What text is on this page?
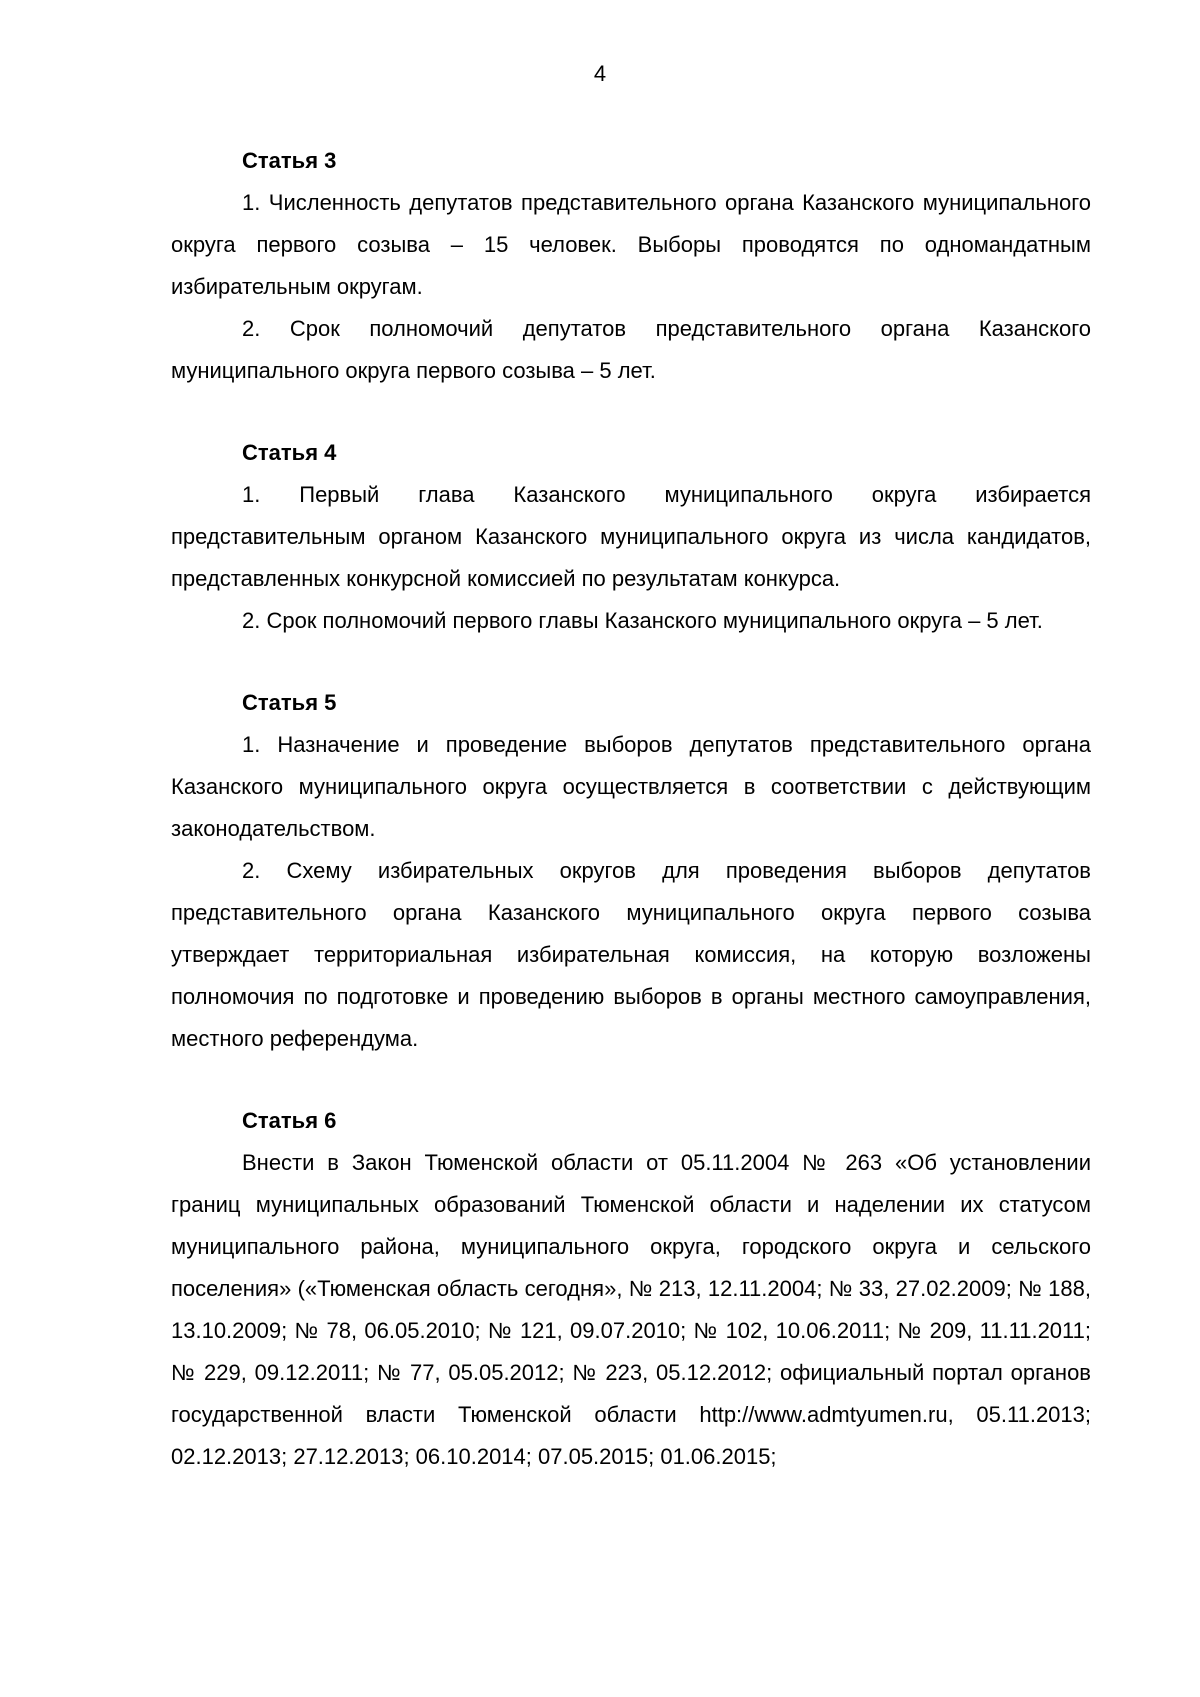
4

Статья 3

1. Численность депутатов представительного органа Казанского муниципального округа первого созыва – 15 человек. Выборы проводятся по одномандатным избирательным округам.

2. Срок полномочий депутатов представительного органа Казанского муниципального округа первого созыва – 5 лет.

Статья 4

1. Первый глава Казанского муниципального округа избирается представительным органом Казанского муниципального округа из числа кандидатов, представленных конкурсной комиссией по результатам конкурса.

2. Срок полномочий первого главы Казанского муниципального округа – 5 лет.

Статья 5

1. Назначение и проведение выборов депутатов представительного органа Казанского муниципального округа осуществляется в соответствии с действующим законодательством.

2. Схему избирательных округов для проведения выборов депутатов представительного органа Казанского муниципального округа первого созыва утверждает территориальная избирательная комиссия, на которую возложены полномочия по подготовке и проведению выборов в органы местного самоуправления, местного референдума.

Статья 6

Внести в Закон Тюменской области от 05.11.2004 № 263 «Об установлении границ муниципальных образований Тюменской области и наделении их статусом муниципального района, муниципального округа, городского округа и сельского поселения» («Тюменская область сегодня», № 213, 12.11.2004; № 33, 27.02.2009; № 188, 13.10.2009; № 78, 06.05.2010; № 121, 09.07.2010; № 102, 10.06.2011; № 209, 11.11.2011; № 229, 09.12.2011; № 77, 05.05.2012; № 223, 05.12.2012; официальный портал органов государственной власти Тюменской области http://www.admtyumen.ru, 05.11.2013; 02.12.2013; 27.12.2013; 06.10.2014; 07.05.2015; 01.06.2015;
